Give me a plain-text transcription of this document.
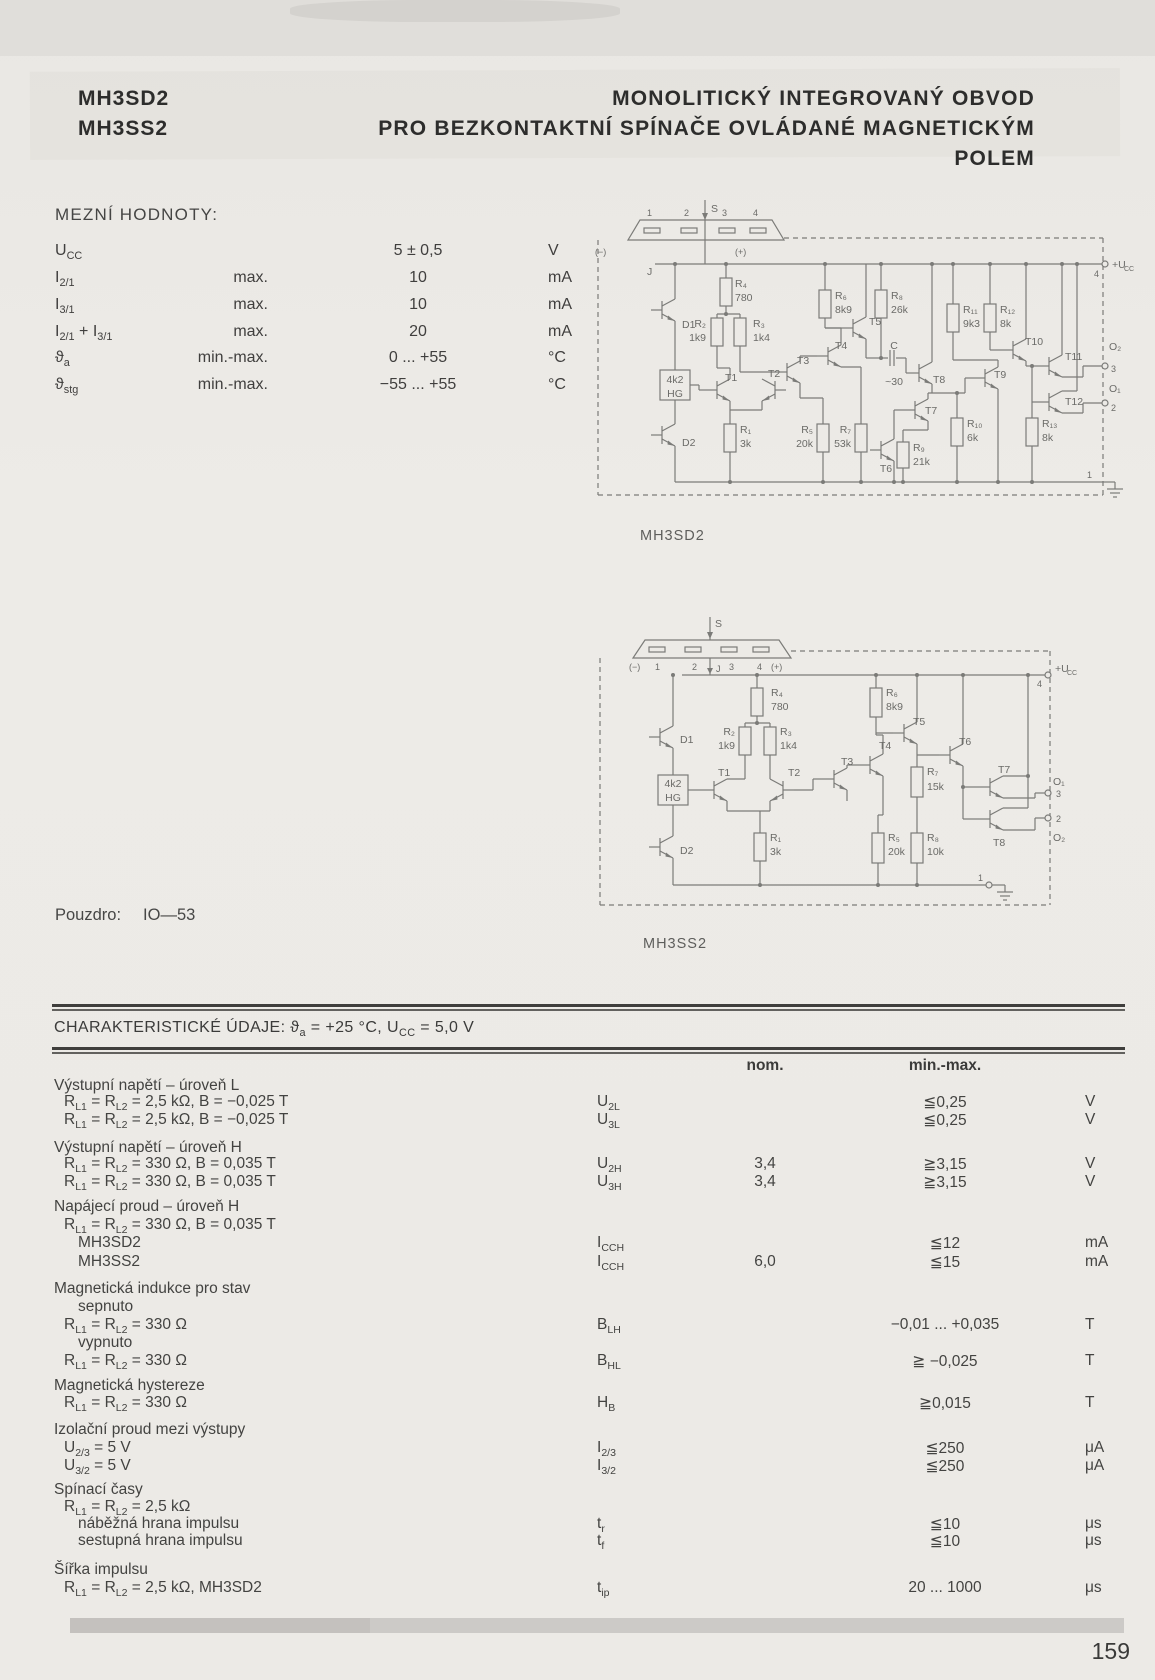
MH3SD2
MH3SS2
MONOLITICKÝ INTEGROVANÝ OBVOD
PRO BEZKONTAKTNÍ SPÍNAČE OVLÁDANÉ MAGNETICKÝM POLEM
MEZNÍ HODNOTY:
$U_{CC}$	5 ± 0,5	V
$I_{2/1}$	max.	10	mA
$I_{3/1}$	max.	10	mA
$I_{2/1} + I_{3/1}$	max.	20	mA
$ϑ_a$	min.-max.	0 ... +55	°C
$ϑ_{stg}$	min.-max.	−55 ... +55	°C
S
1	2	3	4
(−)	(+)
J	4
+U
CC
O₂
3
O₁
2
1
4k2
HG
D1
D2
T1	T2
T3
T4
T5
T6
T7
T8	T9
T10
T11
T12
R₄
780
R₂
1k9
R₃
1k4
R₆
8k9
R₈
26k	R₁₁
9k3
R₁₂
8k
R₁
3k
R₅
20k
R₇
53k	R₉
21k
R₁₀
6k
R₁₃
8k
C
~30
MH3SD2
S
(−) 1	2	3	4 (+)
J
4
+U
CC
D1
D2
4k2
HG
T1	T2
T3
T4
T5
T6
T7
T8
R₄
780
R₂
1k9
R₃
1k4
R₆
8k9
R₇
15k
R₁
3k
R₅
20k
R₈
10k
O₁
3
2
O₂
1
MH3SS2
Pouzdro: IO—53
CHARAKTERISTICKÉ ÚDAJE: $ϑ_a = +25$ °C, $U_{CC} = 5,0$ V
nom.	min.-max.
Výstupní napětí – úroveň L
$R_{L1} = R_{L2} = 2,5$ kΩ, B = −0,025 T	$U_{2L}$	≦0,25	V
$R_{L1} = R_{L2} = 2,5$ kΩ, B = −0,025 T	$U_{3L}$	≦0,25	V
Výstupní napětí – úroveň H
$R_{L1} = R_{L2} = 330$ Ω, B = 0,035 T	$U_{2H}$	3,4	≧3,15	V
$R_{L1} = R_{L2} = 330$ Ω, B = 0,035 T	$U_{3H}$	3,4	≧3,15	V
Napájecí proud – úroveň H
$R_{L1} = R_{L2} = 330$ Ω, B = 0,035 T
MH3SD2	$I_{CCH}$	≦12	mA
MH3SS2	$I_{CCH}$	6,0	≦15	mA
Magnetická indukce pro stav
sepnuto
$R_{L1} = R_{L2} = 330$ Ω	$B_{LH}$	−0,01 ... +0,035	T
vypnuto
$R_{L1} = R_{L2} = 330$ Ω	$B_{HL}$	≧ −0,025	T
Magnetická hystereze
$R_{L1} = R_{L2} = 330$ Ω	$H_B$	≧0,015	T
Izolační proud mezi výstupy
$U_{2/3} = 5$ V	$I_{2/3}$	≦250	μA
$U_{3/2} = 5$ V	$I_{3/2}$	≦250	μA
Spínací časy
$R_{L1} = R_{L2} = 2,5$ kΩ
náběžná hrana impulsu	$t_r$	≦10	μs
sestupná hrana impulsu	$t_f$	≦10	μs
Šířka impulsu
$R_{L1} = R_{L2} = 2,5$ kΩ, MH3SD2	$t_{ip}$	20 ... 1000	μs
159
